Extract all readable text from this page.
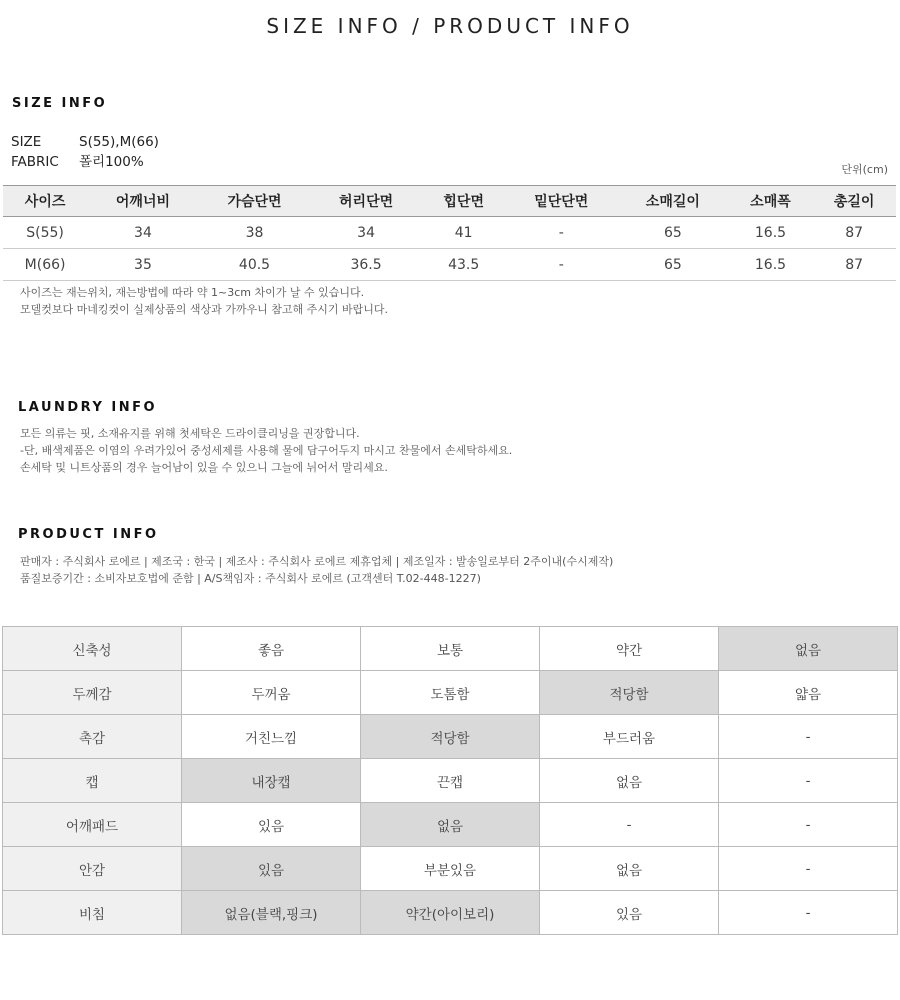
SIZE INFO / PRODUCT INFO
SIZE INFO
SIZE	S(55),M(66)
FABRIC 폴리100%	단위(cm)
사이즈	어깨너비	가슴단면	허리단면	힙단면	밑단단면	소매길이	소매폭	총길이
S(55)	34	38	34	41	-	65	16.5	87
M(66)	35	40.5	36.5	43.5	-	65	16.5	87
사이즈는 재는위치, 재는방법에 따라 약 1~3cm 차이가 날 수 있습니다.
모델컷보다 마네킹컷이 실제상품의 색상과 가까우니 참고해 주시기 바랍니다.
LAUNDRY INFO
모든 의류는 핏, 소재유지를 위해 첫세탁은 드라이클리닝을 권장합니다.
-단, 배색제품은 이염의 우려가있어 중성세제를 사용해 물에 담구어두지 마시고 찬물에서 손세탁하세요.
손세탁 및 니트상품의 경우 늘어남이 있을 수 있으니 그늘에 뉘어서 말리세요.
PRODUCT INFO
판매자 : 주식회사 로에르 | 제조국 : 한국 | 제조사 : 주식회사 로에르 제휴업체 | 제조일자 : 발송일로부터 2주이내(수시제작)
품질보증기간 : 소비자보호법에 준함 | A/S책임자 : 주식회사 로에르 (고객센터 T.02-448-1227)
신축성	좋음	보통	약간	없음
두께감	두꺼움	도톰함	적당함	얇음
촉감	거친느낌	적당함	부드러움	-
캡	내장캡	끈캡	없음	-
어깨패드	있음	없음	-	-
안감	있음	부분있음	없음	-
비침	없음(블랙,핑크)	약간(아이보리)	있음	-
